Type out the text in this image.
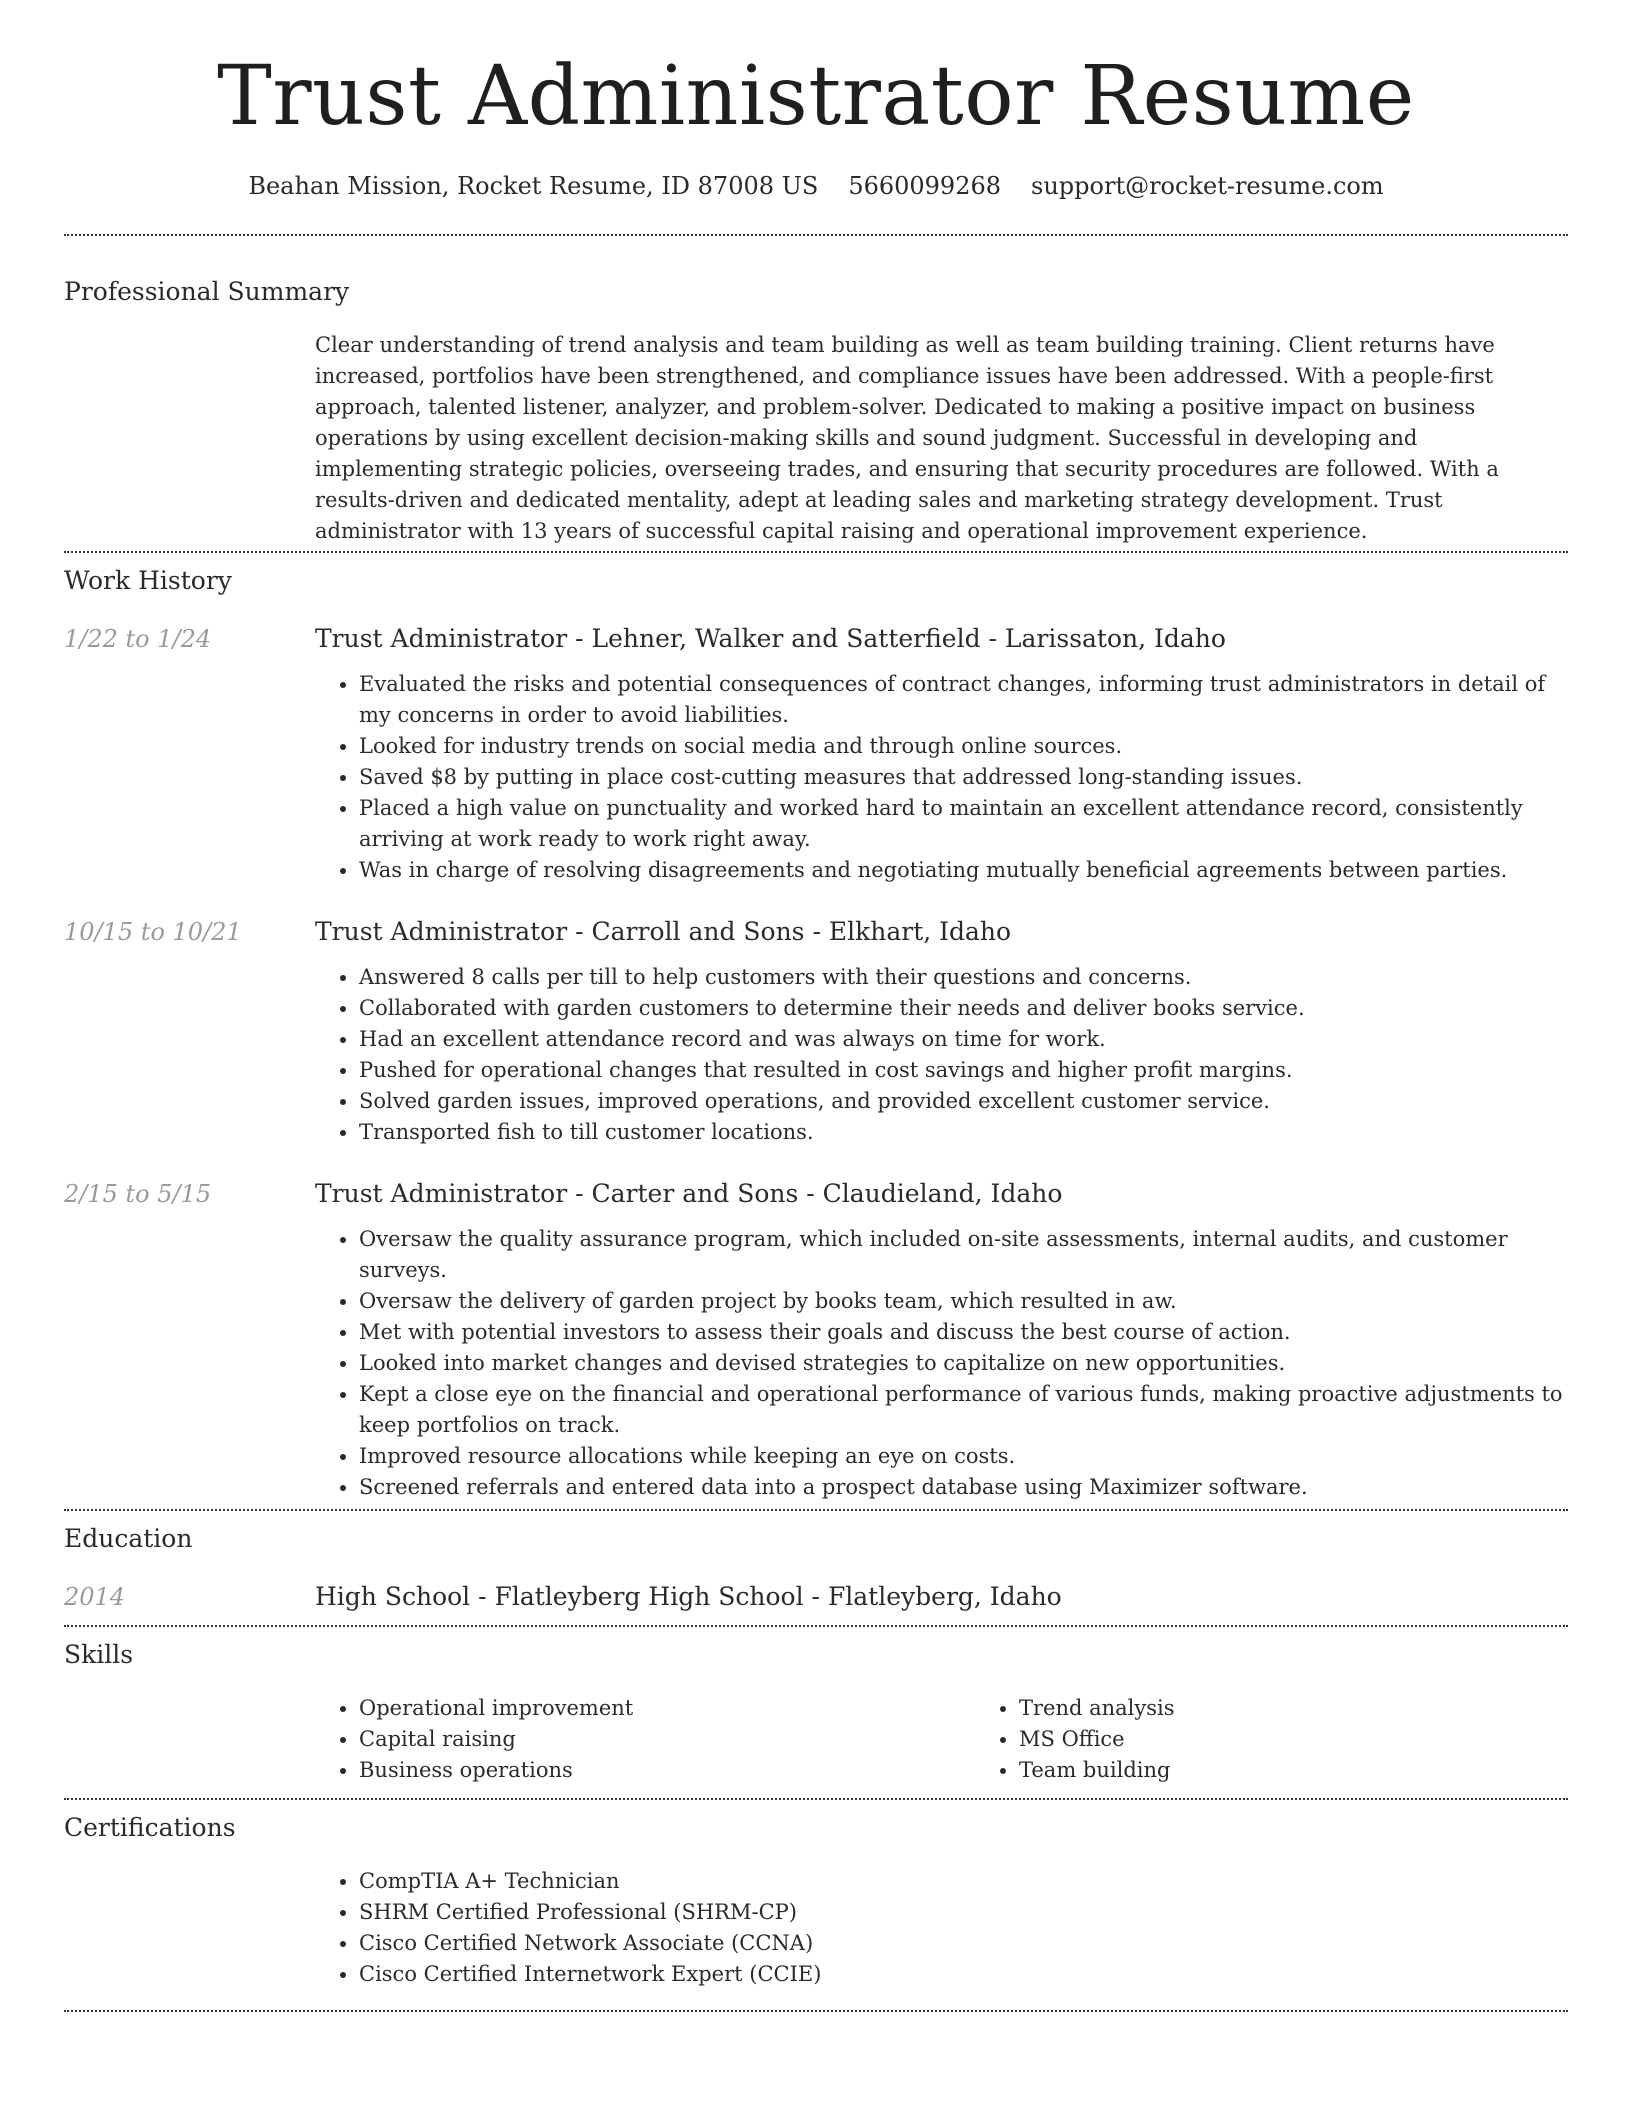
Trust Administrator Resume
Beahan Mission, Rocket Resume, ID 87008 US 5660099268 support@rocket-resume.com
Professional Summary

Clear understanding of trend analysis and team building as well as team building training. Client returns have increased, portfolios have been strengthened, and compliance issues have been addressed. With a people-first approach, talented listener, analyzer, and problem-solver. Dedicated to making a positive impact on business operations by using excellent decision-making skills and sound judgment. Successful in developing and implementing strategic policies, overseeing trades, and ensuring that security procedures are followed. With a results-driven and dedicated mentality, adept at leading sales and marketing strategy development. Trust administrator with 13 years of successful capital raising and operational improvement experience.

Work History
1/22 to 1/24	Trust Administrator - Lehner, Walker and Satterfield - Larissaton, Idaho
• Evaluated the risks and potential consequences of contract changes, informing trust administrators in detail of my concerns in order to avoid liabilities.
• Looked for industry trends on social media and through online sources.
• Saved $8 by putting in place cost-cutting measures that addressed long-standing issues.
• Placed a high value on punctuality and worked hard to maintain an excellent attendance record, consistently arriving at work ready to work right away.
• Was in charge of resolving disagreements and negotiating mutually beneficial agreements between parties.
10/15 to 10/21	Trust Administrator - Carroll and Sons - Elkhart, Idaho
• Answered 8 calls per till to help customers with their questions and concerns.
• Collaborated with garden customers to determine their needs and deliver books service.
• Had an excellent attendance record and was always on time for work.
• Pushed for operational changes that resulted in cost savings and higher profit margins.
• Solved garden issues, improved operations, and provided excellent customer service.
• Transported fish to till customer locations.
2/15 to 5/15	Trust Administrator - Carter and Sons - Claudieland, Idaho
• Oversaw the quality assurance program, which included on-site assessments, internal audits, and customer surveys.
• Oversaw the delivery of garden project by books team, which resulted in aw.
• Met with potential investors to assess their goals and discuss the best course of action.
• Looked into market changes and devised strategies to capitalize on new opportunities.
• Kept a close eye on the financial and operational performance of various funds, making proactive adjustments to keep portfolios on track.
• Improved resource allocations while keeping an eye on costs.
• Screened referrals and entered data into a prospect database using Maximizer software.
Education
2014	High School - Flatleyberg High School - Flatleyberg, Idaho
Skills
• Operational improvement
• Capital raising
• Business operations
• Trend analysis
• MS Office
• Team building
Certifications
• CompTIA A+ Technician
• SHRM Certified Professional (SHRM-CP)
• Cisco Certified Network Associate (CCNA)
• Cisco Certified Internetwork Expert (CCIE)
